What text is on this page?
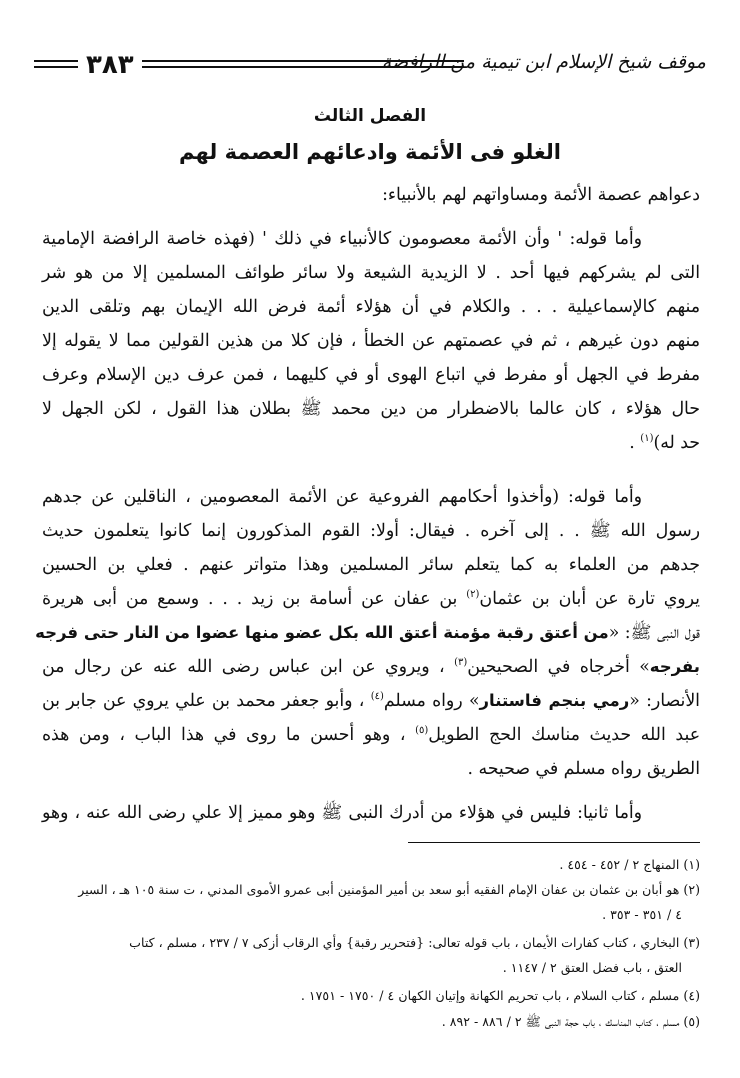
٣٨٣	موقف شيخ الإسلام ابن تيمية من الرافضة
الفصل الثالث
الغلو فى الأئمة وادعائهم العصمة لهم
دعواهم عصمة الأئمة ومساواتهم لهم بالأنبياء:
وأما قوله: ' وأن الأئمة معصومون كالأنبياء في ذلك ' (فهذه خاصة الرافضة الإمامية
التى لم يشركهم فيها أحد . لا الزيدية الشيعة ولا سائر طوائف المسلمين إلا من هو شر
منهم كالإسماعيلية . . . والكلام في أن هؤلاء أئمة فرض الله الإيمان بهم وتلقى الدين
منهم دون غيرهم ، ثم في عصمتهم عن الخطأ ، فإن كلا من هذين القولين مما لا يقوله إلا
مفرط في الجهل أو مفرط في اتباع الهوى أو في كليهما ، فمن عرف دين الإسلام وعرف
حال هؤلاء ، كان عالما بالاضطرار من دين محمد ﷺ بطلان هذا القول ، لكن الجهل لا
حد له)$^{(١)}$ .
وأما قوله: (وأخذوا أحكامهم الفروعية عن الأئمة المعصومين ، الناقلين عن جدهم
رسول الله ﷺ . . إلى آخره . فيقال: أولا: القوم المذكورون إنما كانوا يتعلمون حديث
جدهم من العلماء به كما يتعلم سائر المسلمين وهذا متواتر عنهم . فعلي بن الحسين
يروي تارة عن أبان بن عثمان$^{(٢)}$ بن عفان عن أسامة بن زيد . . . وسمع من أبى هريرة
قول النبى ﷺ: «من أعتق رقبة مؤمنة أعتق الله بكل عضو منها عضوا من النار حتى فرجه
بفرجه» أخرجاه في الصحيحين$^{(٣)}$ ، ويروي عن ابن عباس رضى الله عنه عن رجال من
الأنصار: «رمي بنجم فاستنار» رواه مسلم$^{(٤)}$ ، وأبو جعفر محمد بن علي يروي عن جابر بن
عبد الله حديث مناسك الحج الطويل$^{(٥)}$ ، وهو أحسن ما روى في هذا الباب ، ومن هذه
الطريق رواه مسلم في صحيحه .
وأما ثانيا: فليس في هؤلاء من أدرك النبى ﷺ وهو مميز إلا علي رضى الله عنه ، وهو
(١) المنهاج ٢ / ٤٥٢ - ٤٥٤ .
(٢) هو أبان بن عثمان بن عفان الإمام الفقيه أبو سعد بن أمير المؤمنين أبى عمرو الأموى المدني ، ت سنة ١٠٥ هـ ، السير
٤ / ٣٥١ - ٣٥٣ .
(٣) البخاري ، كتاب كفارات الأيمان ، باب قوله تعالى: {فتحرير رقبة} وأي الرقاب أزكى ٧ / ٢٣٧ ، مسلم ، كتاب
العتق ، باب فضل العتق ٢ / ١١٤٧ .
(٤) مسلم ، كتاب السلام ، باب تحريم الكهانة وإتيان الكهان ٤ / ١٧٥٠ - ١٧٥١ .
(٥) مسلم ، كتاب المناسك ، باب حجة النبى ﷺ ٢ / ٨٨٦ - ٨٩٢ .
